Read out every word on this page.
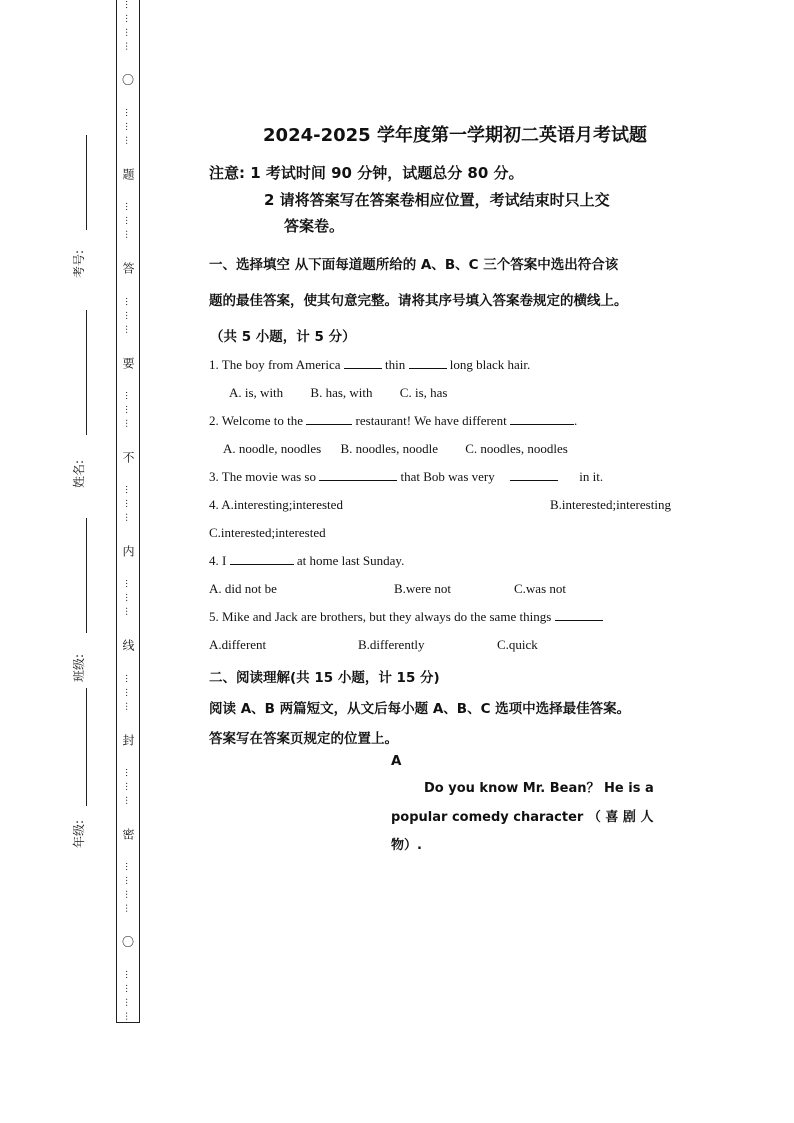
考号:
姓名:
班级:
年级:
… … … …
〇
… … …
题
… … …
答
… … …
要
… … …
不
… … …
内
… … …
线
… … …
封
… … …
密
… … … …
〇
… … … …
2024-2025 学年度第一学期初二英语月考试题
注意: 1 考试时间 90 分钟，试题总分 80 分。
2 请将答案写在答案卷相应位置，考试结束时只上交
答案卷。
一、选择填空 从下面每道题所给的 A、B、C 三个答案中选出符合该
题的最佳答案，使其句意完整。请将其序号填入答案卷规定的横线上。
（共 5 小题，计 5 分）
1. The boy from America	thin	long black hair.
A. is, with B. has, with C. is, has
2. Welcome to the	restaurant! We have different	.
A. noodle, noodles B. noodles, noodle C. noodles, noodles
3. The movie was so	that Bob was very	in it.
4. A.interesting;interested	B.interested;interesting
C.interested;interested
4. I	at home last Sunday.
A. did not be	B.were not	C.was not
5. Mike and Jack are brothers, but they always do the same things
A.different	B.differently	C.quick
二、阅读理解(共 15 小题，计 15 分)
阅读 A、B 两篇短文，从文后每小题 A、B、C 选项中选择最佳答案。
答案写在答案页规定的位置上。
A
Do you know Mr. Bean？ He is a
popular comedy character （ 喜 剧 人
物）.
